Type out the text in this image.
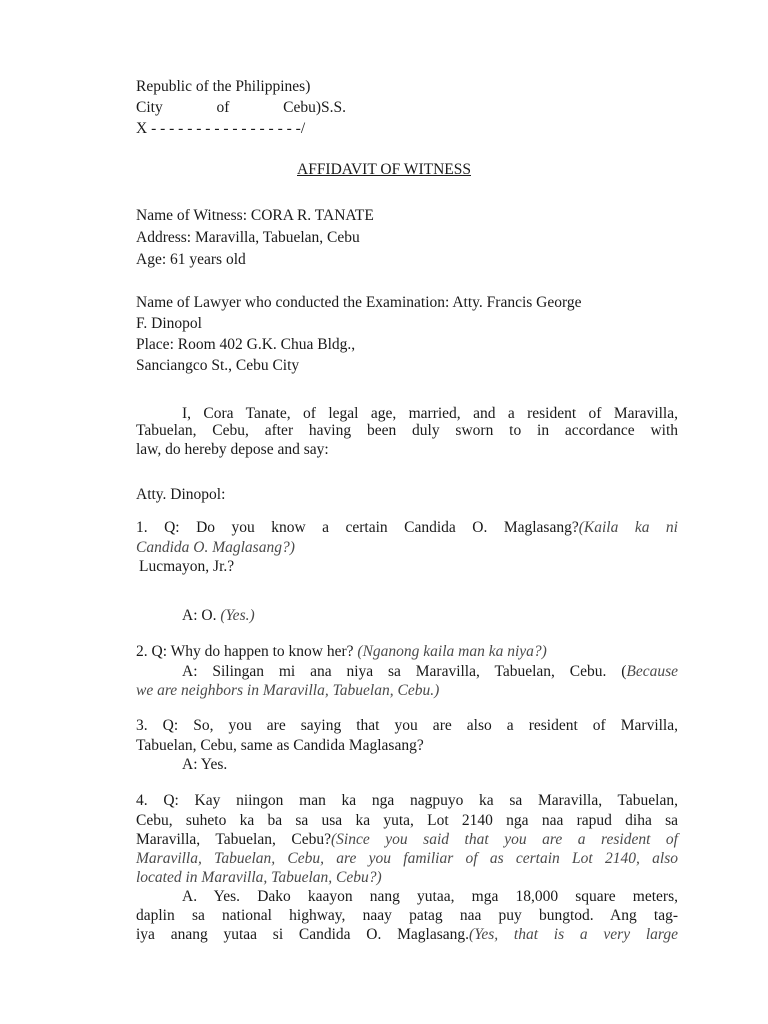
Republic of the Philippines)
City	of	Cebu)S.S.
X - - - - - - - - - - - - - - - - -/
AFFIDAVIT OF WITNESS
Name of Witness: CORA R. TANATE
Address: Maravilla, Tabuelan, Cebu
Age: 61 years old
Name of Lawyer who conducted the Examination: Atty. Francis George
F. Dinopol
Place: Room 402 G.K. Chua Bldg.,
Sanciangco St., Cebu City
I, Cora Tanate, of legal age, married, and a resident of Maravilla,
Tabuelan, Cebu, after having been duly sworn to in accordance with
law, do hereby depose and say:
Atty. Dinopol:
1. Q: Do you know a certain Candida O. Maglasang?(Kaila ka ni
Candida O. Maglasang?)
Lucmayon, Jr.?
A: O. (Yes.)
2. Q: Why do happen to know her? (Nganong kaila man ka niya?)
A: Silingan mi ana niya sa Maravilla, Tabuelan, Cebu. (Because
we are neighbors in Maravilla, Tabuelan, Cebu.)
3. Q: So, you are saying that you are also a resident of Marvilla,
Tabuelan, Cebu, same as Candida Maglasang?
A: Yes.
4. Q: Kay niingon man ka nga nagpuyo ka sa Maravilla, Tabuelan,
Cebu, suheto ka ba sa usa ka yuta, Lot 2140 nga naa rapud diha sa
Maravilla, Tabuelan, Cebu?(Since you said that you are a resident of
Maravilla, Tabuelan, Cebu, are you familiar of as certain Lot 2140, also
located in Maravilla, Tabuelan, Cebu?)
A. Yes. Dako kaayon nang yutaa, mga 18,000 square meters,
daplin sa national highway, naay patag naa puy bungtod. Ang tag-
iya anang yutaa si Candida O. Maglasang.(Yes, that is a very large
